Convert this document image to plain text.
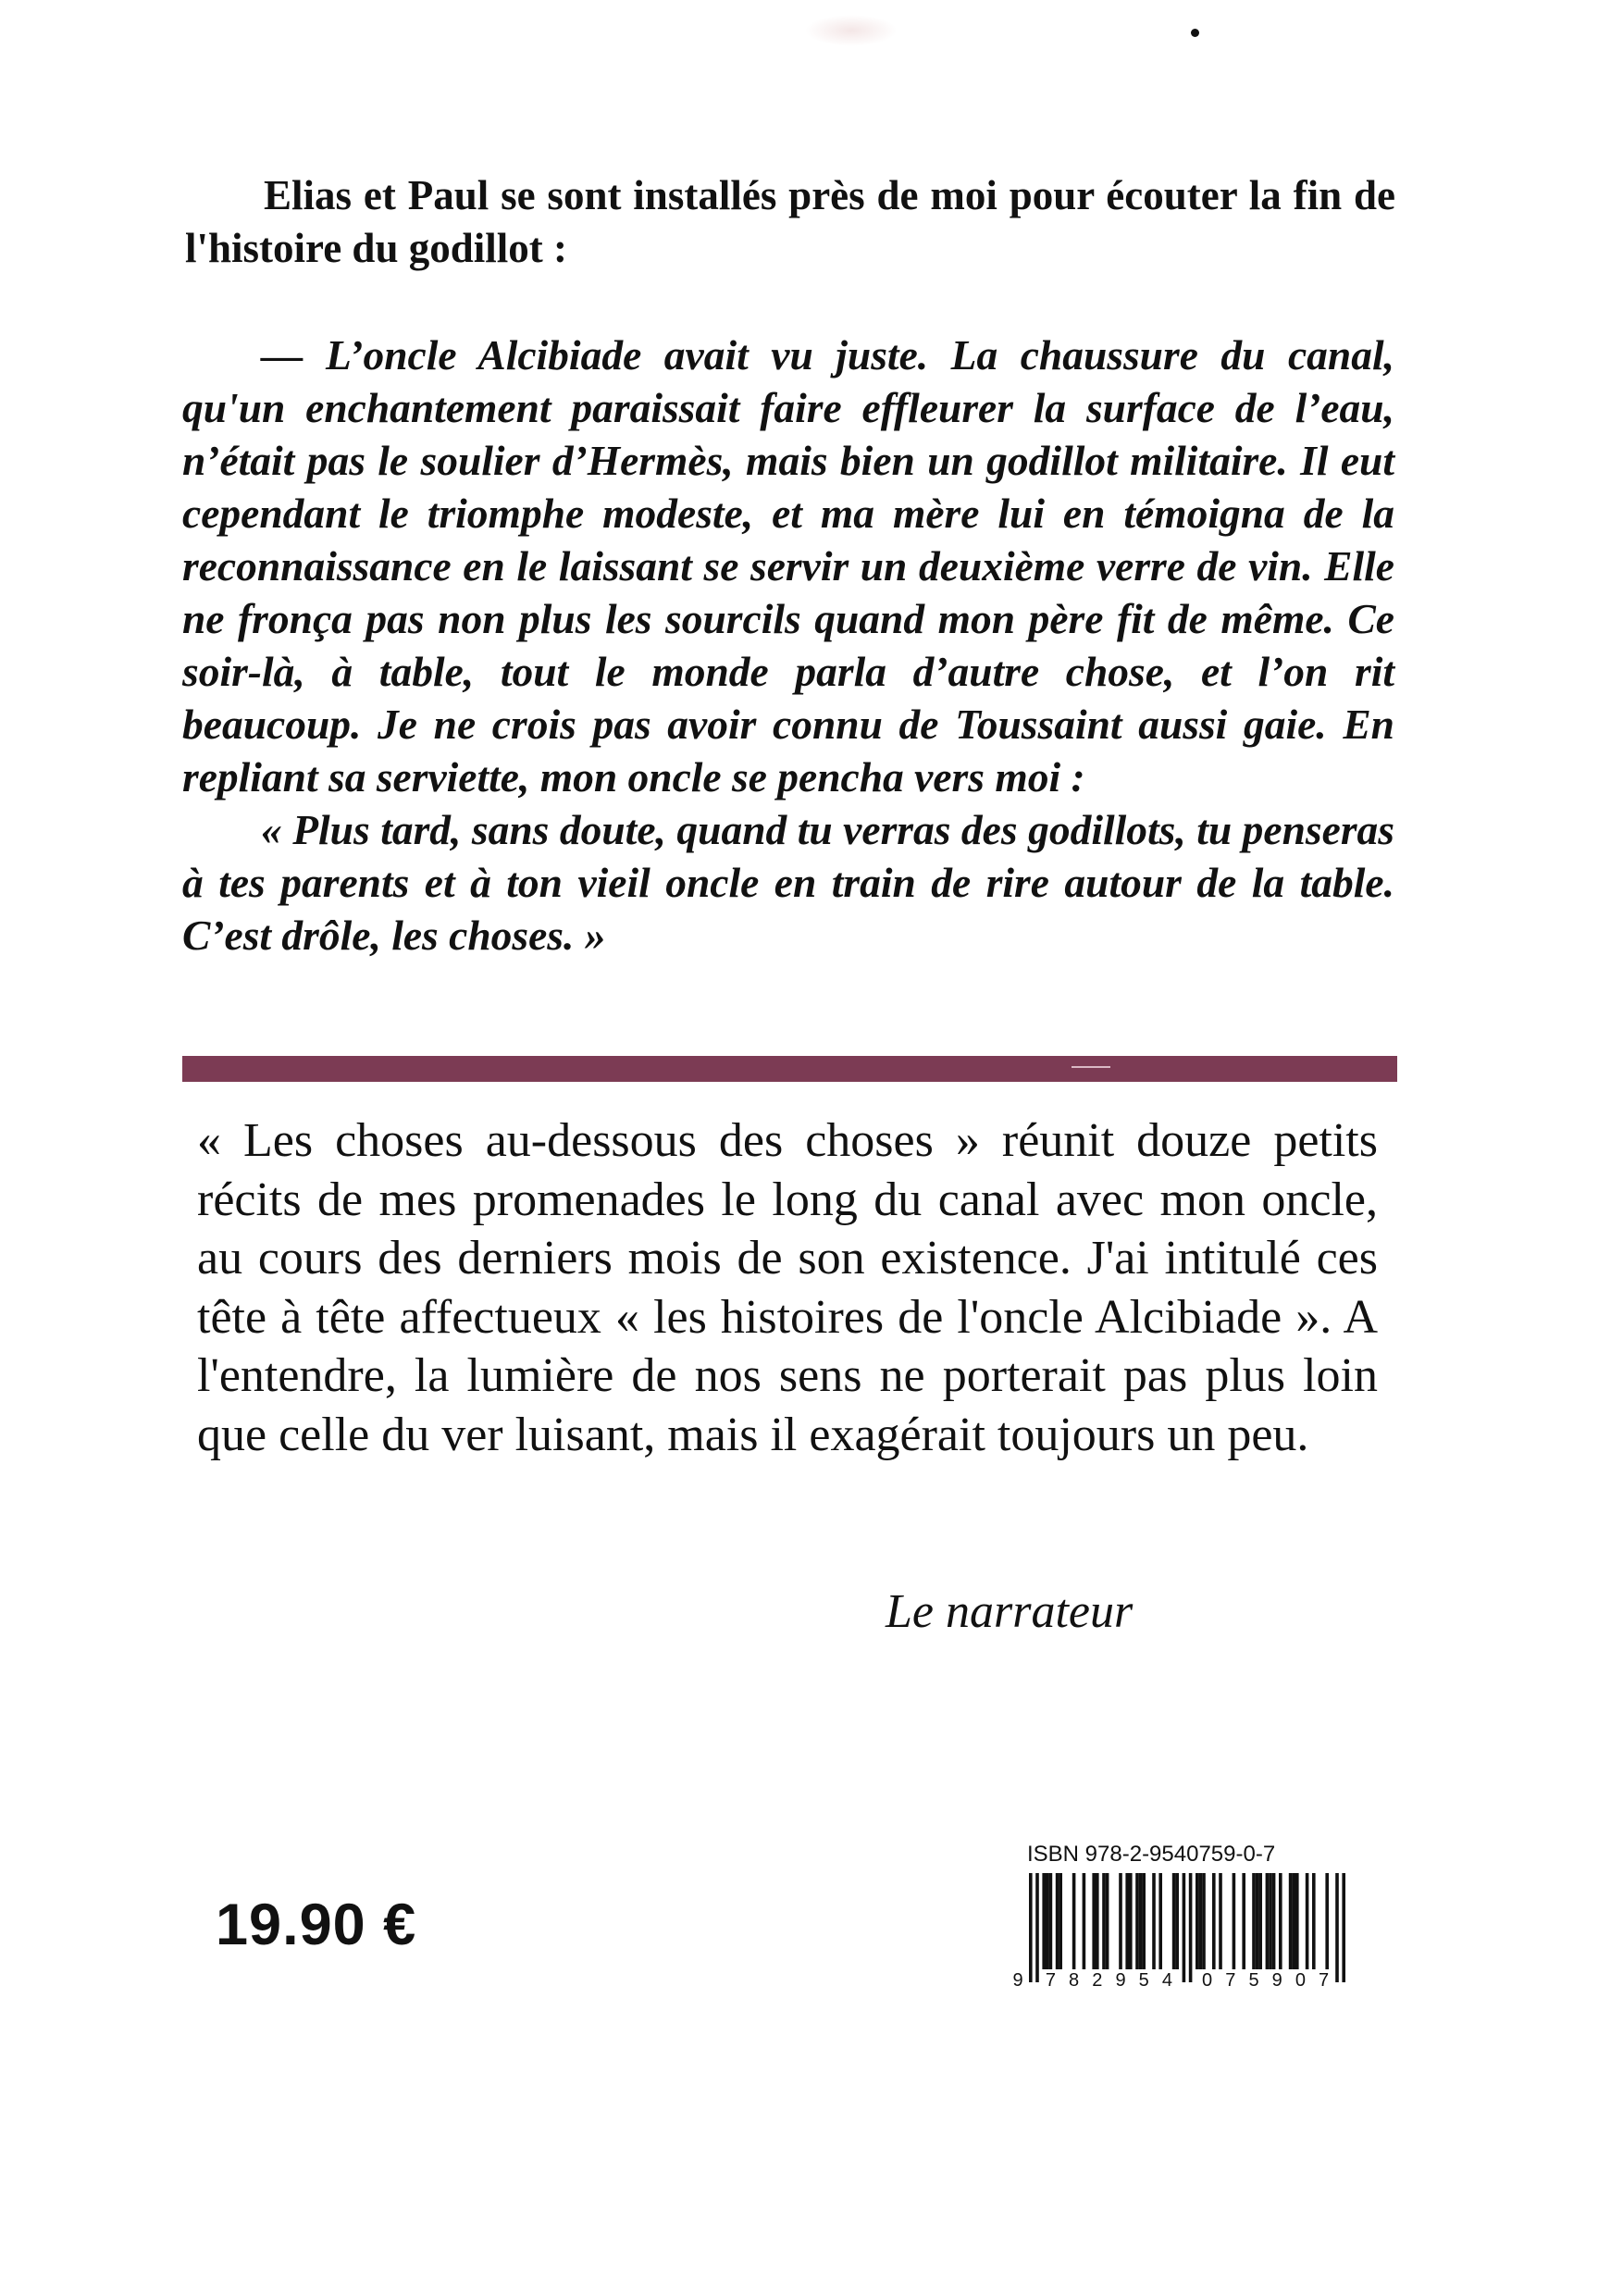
Elias et Paul se sont installés près de moi pour écouter la fin de l'histoire du godillot :

— L’oncle Alcibiade avait vu juste. La chaussure du canal, qu'un enchantement paraissait faire effleurer la surface de l’eau, n’était pas le soulier d’Hermès, mais bien un godillot militaire. Il eut cependant le triomphe modeste, et ma mère lui en témoigna de la reconnaissance en le laissant se servir un deuxième verre de vin. Elle ne fronça pas non plus les sourcils quand mon père fit de même. Ce soir-là, à table, tout le monde parla d’autre chose, et l’on rit beaucoup. Je ne crois pas avoir connu de Toussaint aussi gaie. En repliant sa serviette, mon oncle se pencha vers moi :

« Plus tard, sans doute, quand tu verras des godillots, tu penseras à tes parents et à ton vieil oncle en train de rire autour de la table. C’est drôle, les choses. »

« Les choses au-dessous des choses » réunit douze petits récits de mes promenades le long du canal avec mon oncle, au cours des derniers mois de son existence. J'ai intitulé ces tête à tête affectueux « les histoires de l'oncle Alcibiade ». A l'entendre, la lumière de nos sens ne porterait pas plus loin que celle du ver luisant, mais il exagérait toujours un peu.

Le narrateur

19.90 €

ISBN 978-2-9540759-0-7

9 7 8 2 9 5 4 0 7 5 9 0 7
